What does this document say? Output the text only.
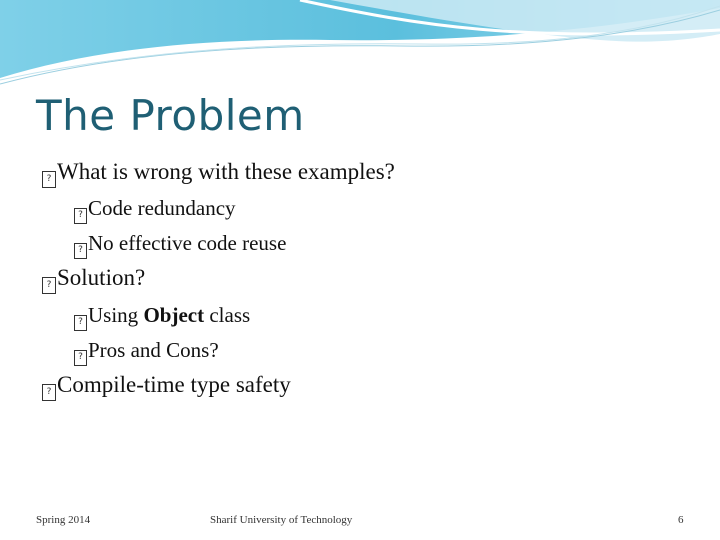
The Problem
? What is wrong with these examples?
? Code redundancy
? No effective code reuse
? Solution?
? Using Object class
? Pros and Cons?
? Compile-time type safety
Spring 2014	Sharif University of Technology	6
